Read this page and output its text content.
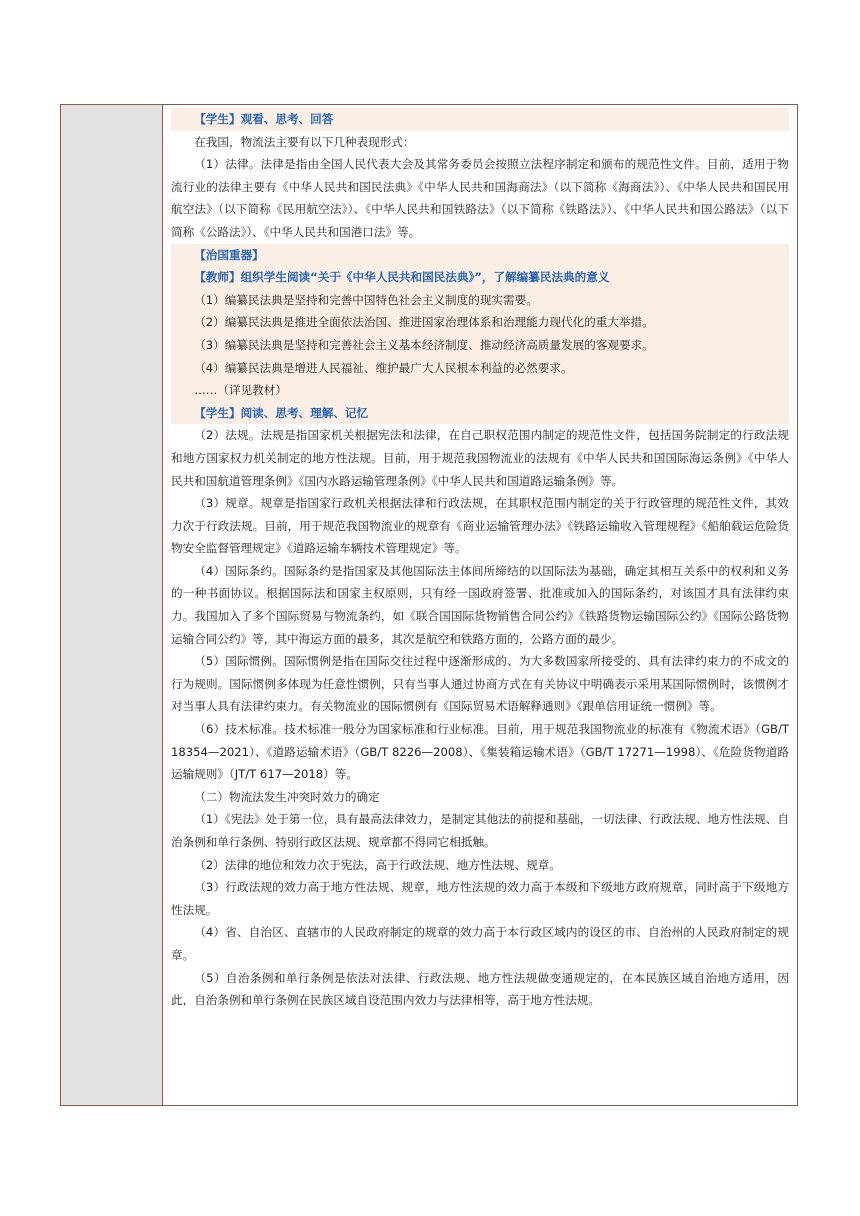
【学生】观看、思考、回答

在我国，物流法主要有以下几种表现形式：

（1）法律。法律是指由全国人民代表大会及其常务委员会按照立法程序制定和颁布的规范性文件。目前，适用于物流行业的法律主要有《中华人民共和国民法典》《中华人民共和国海商法》（以下简称《海商法》）、《中华人民共和国民用航空法》（以下简称《民用航空法》）、《中华人民共和国铁路法》（以下简称《铁路法》）、《中华人民共和国公路法》（以下简称《公路法》）、《中华人民共和国港口法》等。

【治国重器】

【教师】组织学生阅读“关于《中华人民共和国民法典》”，了解编纂民法典的意义

（1）编纂民法典是坚持和完善中国特色社会主义制度的现实需要。

（2）编纂民法典是推进全面依法治国、推进国家治理体系和治理能力现代化的重大举措。

（3）编纂民法典是坚持和完善社会主义基本经济制度、推动经济高质量发展的客观要求。

（4）编纂民法典是增进人民福祉、维护最广大人民根本利益的必然要求。

……（详见教材）

【学生】阅读、思考、理解、记忆

（2）法规。法规是指国家机关根据宪法和法律，在自己职权范围内制定的规范性文件，包括国务院制定的行政法规和地方国家权力机关制定的地方性法规。目前，用于规范我国物流业的法规有《中华人民共和国国际海运条例》《中华人民共和国航道管理条例》《国内水路运输管理条例》《中华人民共和国道路运输条例》等。

（3）规章。规章是指国家行政机关根据法律和行政法规，在其职权范围内制定的关于行政管理的规范性文件，其效力次于行政法规。目前，用于规范我国物流业的规章有《商业运输管理办法》《铁路运输收入管理规程》《船舶载运危险货物安全监督管理规定》《道路运输车辆技术管理规定》等。

（4）国际条约。国际条约是指国家及其他国际法主体间所缔结的以国际法为基础，确定其相互关系中的权利和义务的一种书面协议。根据国际法和国家主权原则，只有经一国政府签署、批准或加入的国际条约，对该国才具有法律约束力。我国加入了多个国际贸易与物流条约，如《联合国国际货物销售合同公约》《铁路货物运输国际公约》《国际公路货物运输合同公约》等，其中海运方面的最多，其次是航空和铁路方面的，公路方面的最少。

（5）国际惯例。国际惯例是指在国际交往过程中逐渐形成的、为大多数国家所接受的、具有法律约束力的不成文的行为规则。国际惯例多体现为任意性惯例，只有当事人通过协商方式在有关协议中明确表示采用某国际惯例时，该惯例才对当事人具有法律约束力。有关物流业的国际惯例有《国际贸易术语解释通则》《跟单信用证统一惯例》等。

（6）技术标准。技术标准一般分为国家标准和行业标准。目前，用于规范我国物流业的标准有《物流术语》（GB/T 18354—2021）、《道路运输术语》（GB/T 8226—2008）、《集装箱运输术语》（GB/T 17271—1998）、《危险货物道路运输规则》（JT/T 617—2018）等。

（二）物流法发生冲突时效力的确定

（1）《宪法》处于第一位，具有最高法律效力，是制定其他法的前提和基础，一切法律、行政法规、地方性法规、自治条例和单行条例、特别行政区法规、规章都不得同它相抵触。

（2）法律的地位和效力次于宪法，高于行政法规、地方性法规、规章。

（3）行政法规的效力高于地方性法规、规章，地方性法规的效力高于本级和下级地方政府规章，同时高于下级地方性法规。

（4）省、自治区、直辖市的人民政府制定的规章的效力高于本行政区域内的设区的市、自治州的人民政府制定的规章。

（5）自治条例和单行条例是依法对法律、行政法规、地方性法规做变通规定的，在本民族区域自治地方适用，因此，自治条例和单行条例在民族区域自设范围内效力与法律相等，高于地方性法规。
